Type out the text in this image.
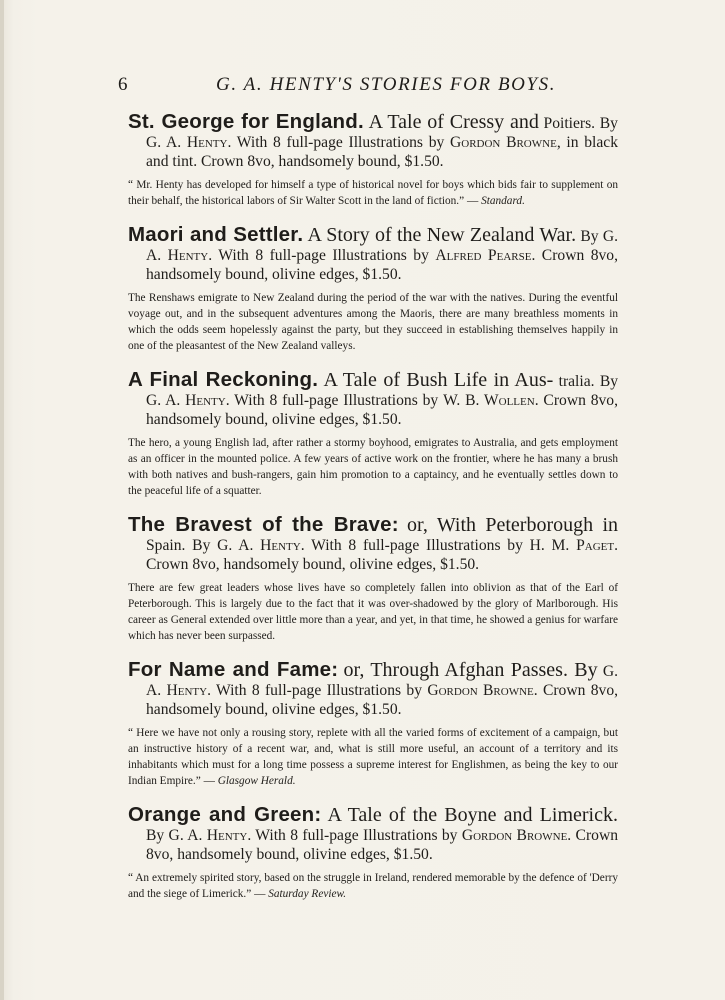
6	G. A. HENTY'S STORIES FOR BOYS.

St. George for England. A Tale of Cressy and Poitiers. By G. A. Henty. With 8 full-page Illustrations by Gordon Browne, in black and tint. Crown 8vo, handsomely bound, $1.50.

“ Mr. Henty has developed for himself a type of historical novel for boys which bids fair to supplement on their behalf, the historical labors of Sir Walter Scott in the land of fiction.” — Standard.

Maori and Settler. A Story of the New Zealand War. By G. A. Henty. With 8 full-page Illustrations by Alfred Pearse. Crown 8vo, handsomely bound, olivine edges, $1.50.

The Renshaws emigrate to New Zealand during the period of the war with the natives. During the eventful voyage out, and in the subsequent adventures among the Maoris, there are many breathless moments in which the odds seem hopelessly against the party, but they succeed in establishing themselves happily in one of the pleasantest of the New Zealand valleys.

A Final Reckoning. A Tale of Bush Life in Aus- tralia. By G. A. Henty. With 8 full-page Illustrations by W. B. Wollen. Crown 8vo, handsomely bound, olivine edges, $1.50.

The hero, a young English lad, after rather a stormy boyhood, emigrates to Australia, and gets employment as an officer in the mounted police. A few years of active work on the frontier, where he has many a brush with both natives and bush-rangers, gain him promotion to a captaincy, and he eventually settles down to the peaceful life of a squatter.

The Bravest of the Brave: or, With Peterborough in Spain. By G. A. Henty. With 8 full-page Illustrations by H. M. Paget. Crown 8vo, handsomely bound, olivine edges, $1.50.

There are few great leaders whose lives have so completely fallen into oblivion as that of the Earl of Peterborough. This is largely due to the fact that it was over-shadowed by the glory of Marlborough. His career as General extended over little more than a year, and yet, in that time, he showed a genius for warfare which has never been surpassed.

For Name and Fame: or, Through Afghan Passes. By G. A. Henty. With 8 full-page Illustrations by Gordon Browne. Crown 8vo, handsomely bound, olivine edges, $1.50.

“ Here we have not only a rousing story, replete with all the varied forms of excitement of a campaign, but an instructive history of a recent war, and, what is still more useful, an account of a territory and its inhabitants which must for a long time possess a supreme interest for Englishmen, as being the key to our Indian Empire.” — Glasgow Herald.

Orange and Green: A Tale of the Boyne and Limerick. By G. A. Henty. With 8 full-page Illustrations by Gordon Browne. Crown 8vo, handsomely bound, olivine edges, $1.50.

“ An extremely spirited story, based on the struggle in Ireland, rendered memorable by the defence of 'Derry and the siege of Limerick.” — Saturday Review.
